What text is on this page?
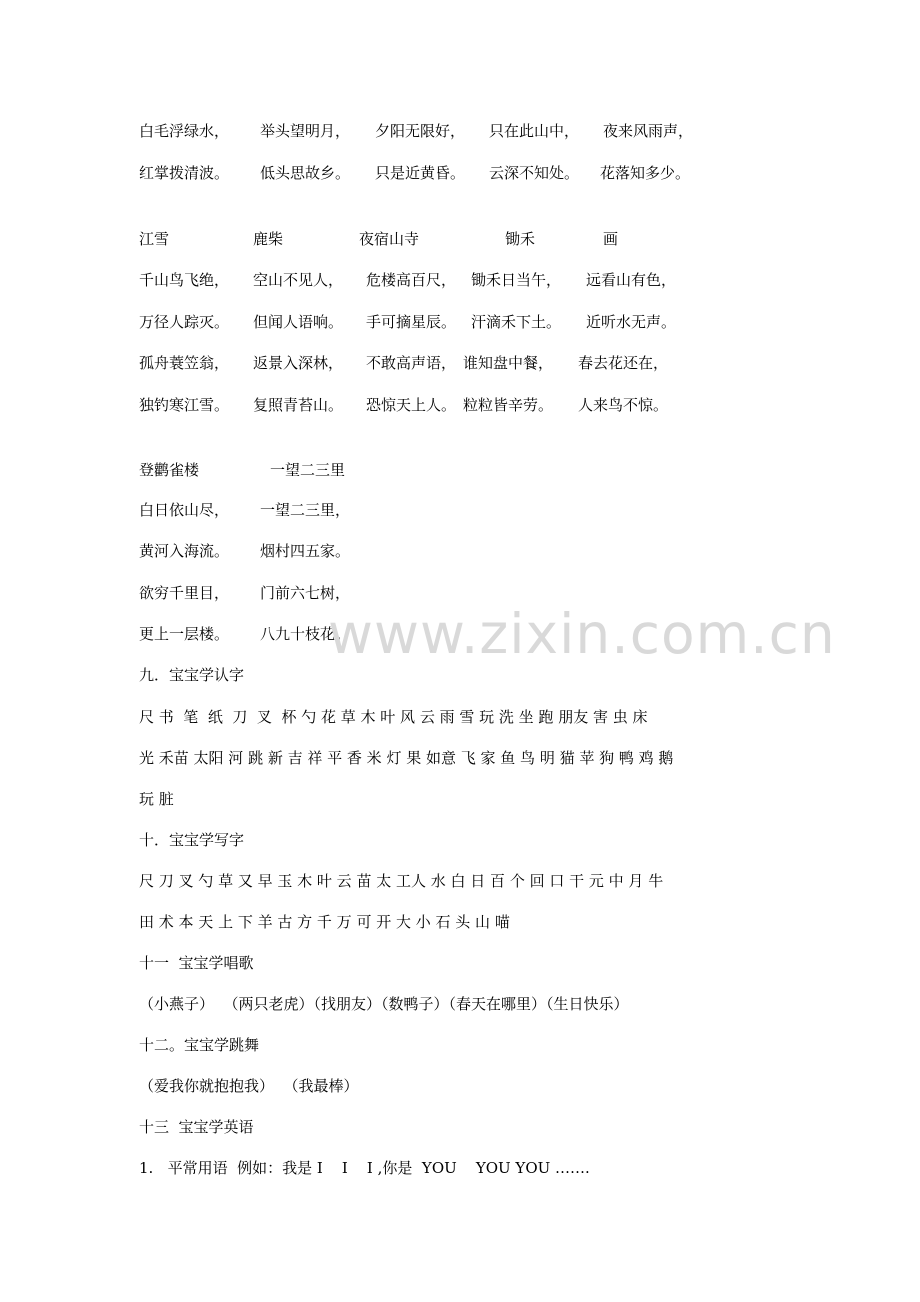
白毛浮绿水， 举头望明月， 夕阳无限好， 只在此山中， 夜来风雨声，
红掌拨清波。 低头思故乡。 只是近黄昏。 云深不知处。 花落知多少。
江雪	鹿柴	夜宿山寺	锄禾	画
千山鸟飞绝， 空山不见人， 危楼高百尺， 锄禾日当午， 远看山有色，
万径人踪灭。 但闻人语响。 手可摘星辰。 汗滴禾下土。 近听水无声。
孤舟蓑笠翁， 返景入深林， 不敢高声语， 谁知盘中餐， 春去花还在，
独钓寒江雪。 复照青苔山。 恐惊天上人。 粒粒皆辛劳。 人来鸟不惊。
登鹳雀楼	一望二三里
白日依山尽， 一望二三里，
黄河入海流。 烟村四五家。
欲穷千里目， 门前六七树，
更上一层楼。 八九十枝花。
www.zixin.com.cn
九．宝宝学认字
尺 书  笔  纸  刀  叉  杯 勺 花 草 木 叶 风 云 雨 雪 玩 洗 坐 跑 朋友 害 虫 床
光 禾苗 太阳 河 跳 新 吉 祥 平 香 米 灯 果 如意 飞 家 鱼 鸟 明 猫 苹 狗 鸭 鸡 鹅
玩 脏
十．宝宝学写字
尺 刀 叉 勺 草 又 早 玉 木 叶 云 苗 太 工人 水 白 日 百 个 回 口 干 元 中 月 牛
田 术 本 天 上 下 羊 古 方 千 万 可 开 大 小 石 头 山 喵
十一  宝宝学唱歌
（小燕子）  （两只老虎）（找朋友）（数鸭子）（春天在哪里）（生日快乐）
十二。宝宝学跳舞
（爱我你就抱抱我）  （我最棒）
十三  宝宝学英语
1.   平常用语  例如：我是 I    I    I ,你是  YOU    YOU YOU …….
